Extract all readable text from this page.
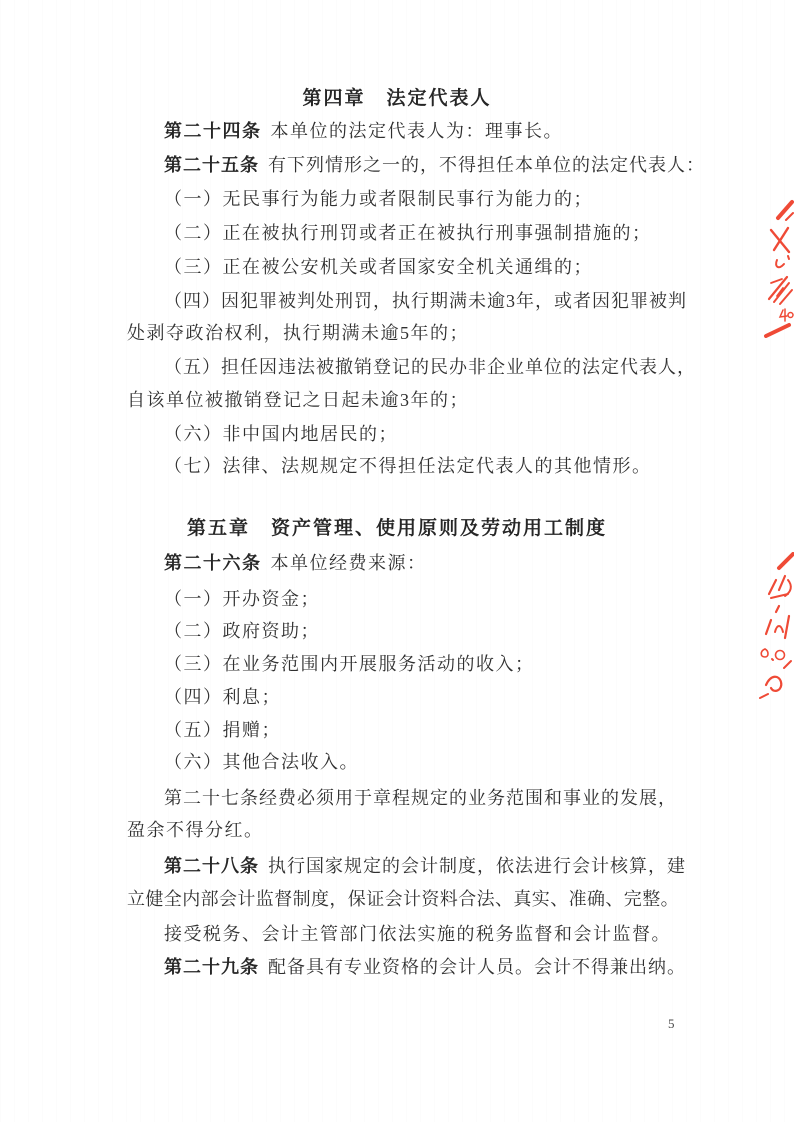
第四章　法定代表人
第二十四条 本单位的法定代表人为：理事长。
第二十五条 有下列情形之一的，不得担任本单位的法定代表人：
（一）无民事行为能力或者限制民事行为能力的；
（二）正在被执行刑罚或者正在被执行刑事强制措施的；
（三）正在被公安机关或者国家安全机关通缉的；
（四）因犯罪被判处刑罚，执行期满未逾3年，或者因犯罪被判
处剥夺政治权利，执行期满未逾5年的；
（五）担任因违法被撤销登记的民办非企业单位的法定代表人，
自该单位被撤销登记之日起未逾3年的；
（六）非中国内地居民的；
（七）法律、法规规定不得担任法定代表人的其他情形。
第五章　资产管理、使用原则及劳动用工制度
第二十六条 本单位经费来源：
（一）开办资金；
（二）政府资助；
（三）在业务范围内开展服务活动的收入；
（四）利息；
（五）捐赠；
（六）其他合法收入。
第二十七条经费必须用于章程规定的业务范围和事业的发展，
盈余不得分红。
第二十八条 执行国家规定的会计制度，依法进行会计核算，建
立健全内部会计监督制度，保证会计资料合法、真实、准确、完整。
接受税务、会计主管部门依法实施的税务监督和会计监督。
第二十九条 配备具有专业资格的会计人员。会计不得兼出纳。
5
